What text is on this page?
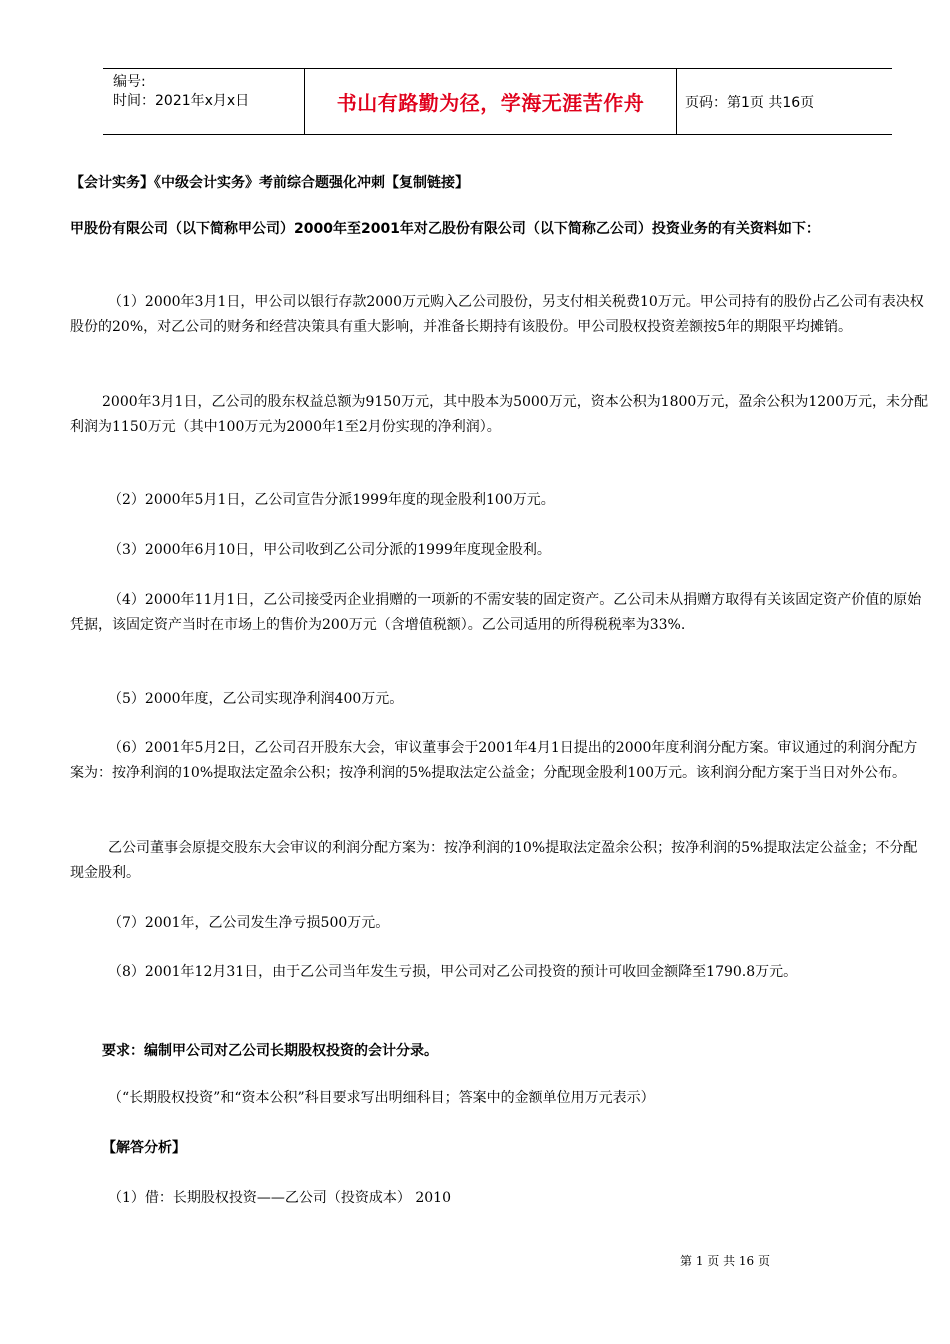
编号:
时间：2021年x月x日	书山有路勤为径，学海无涯苦作舟	页码：第1页 共16页

【会计实务】《中级会计实务》考前综合题强化冲刺【复制链接】

甲股份有限公司（以下简称甲公司）2000年至2001年对乙股份有限公司（以下简称乙公司）投资业务的有关资料如下：

（1）2000年3月1日，甲公司以银行存款2000万元购入乙公司股份，另支付相关税费10万元。甲公司持有的股份占乙公司有表决权股份的20%，对乙公司的财务和经营决策具有重大影响，并准备长期持有该股份。甲公司股权投资差额按5年的期限平均摊销。

2000年3月1日，乙公司的股东权益总额为9150万元，其中股本为5000万元，资本公积为1800万元，盈余公积为1200万元，未分配利润为1150万元（其中100万元为2000年1至2月份实现的净利润）。

（2）2000年5月1日，乙公司宣告分派1999年度的现金股利100万元。

（3）2000年6月10日，甲公司收到乙公司分派的1999年度现金股利。

（4）2000年11月1日，乙公司接受丙企业捐赠的一项新的不需安装的固定资产。乙公司未从捐赠方取得有关该固定资产价值的原始凭据，该固定资产当时在市场上的售价为200万元（含增值税额）。乙公司适用的所得税税率为33%.

（5）2000年度，乙公司实现净利润400万元。

（6）2001年5月2日，乙公司召开股东大会，审议董事会于2001年4月1日提出的2000年度利润分配方案。审议通过的利润分配方案为：按净利润的10%提取法定盈余公积；按净利润的5%提取法定公益金；分配现金股利100万元。该利润分配方案于当日对外公布。

乙公司董事会原提交股东大会审议的利润分配方案为：按净利润的10%提取法定盈余公积；按净利润的5%提取法定公益金；不分配现金股利。

（7）2001年，乙公司发生净亏损500万元。

（8）2001年12月31日，由于乙公司当年发生亏损，甲公司对乙公司投资的预计可收回金额降至1790.8万元。

要求：编制甲公司对乙公司长期股权投资的会计分录。

（“长期股权投资”和“资本公积”科目要求写出明细科目；答案中的金额单位用万元表示）

【解答分析】

（1）借：长期股权投资——乙公司（投资成本） 2010

第 1 页 共 16 页
